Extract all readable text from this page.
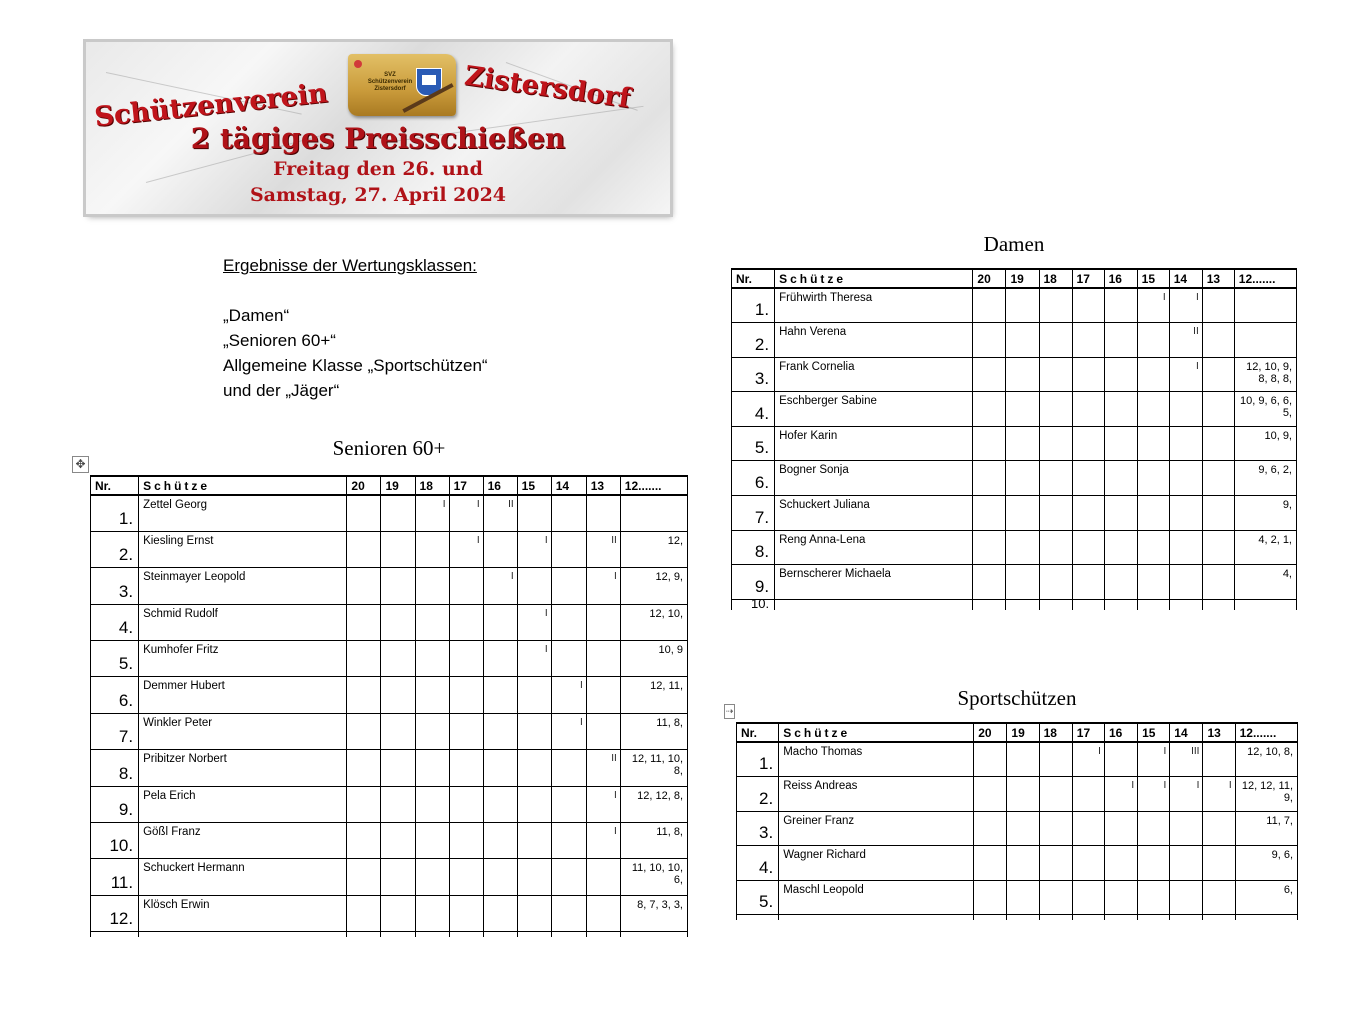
Schützenverein
SVZ
Schützenverein
Zistersdorf	Zistersdorf
2 tägiges Preisschießen
Freitag den 26. und
Samstag, 27. April 2024
Ergebnisse der Wertungsklassen:
„Damen“
„Senioren 60+“
Allgemeine Klasse „Sportschützen“
und der „Jäger“
Senioren 60+
✥
Nr.	Schütze	20	19	18	17	16	15	14	13	12.......
1.	Zettel Georg			I	I	II				
2.	Kiesling Ernst				I		I		II	12,
3.	Steinmayer Leopold					I			I	12, 9,
4.	Schmid Rudolf						I			12, 10,
5.	Kumhofer Fritz						I			10, 9
6.	Demmer Hubert							I		12, 11,
7.	Winkler Peter							I		11, 8,
8.	Pribitzer Norbert								II	12, 11, 10, 8,
9.	Pela Erich								I	12, 12, 8,
10.	Gößl Franz								I	11, 8,
11.	Schuckert Hermann									11, 10, 10, 6,
12.	Klösch Erwin									8, 7, 3, 3,

Damen
Nr.	Schütze	20	19	18	17	16	15	14	13	12.......
1.	Frühwirth Theresa						I	I		
2.	Hahn Verena							II		
3.	Frank Cornelia							I		12, 10, 9, 8, 8, 8,
4.	Eschberger Sabine									10, 9, 6, 6, 5,
5.	Hofer Karin									10, 9,
6.	Bogner Sonja									9, 6, 2,
7.	Schuckert Juliana									9,
8.	Reng Anna-Lena									4, 2, 1,
9.	Bernscherer Michaela									4,
10.										
Sportschützen
⇢
Nr.	Schütze	20	19	18	17	16	15	14	13	12.......
1.	Macho Thomas				I		I	III		12, 10, 8,
2.	Reiss Andreas					I	I	I	I	12, 12, 11, 9,
3.	Greiner Franz									11, 7,
4.	Wagner Richard									9, 6,
5.	Maschl Leopold									6,
